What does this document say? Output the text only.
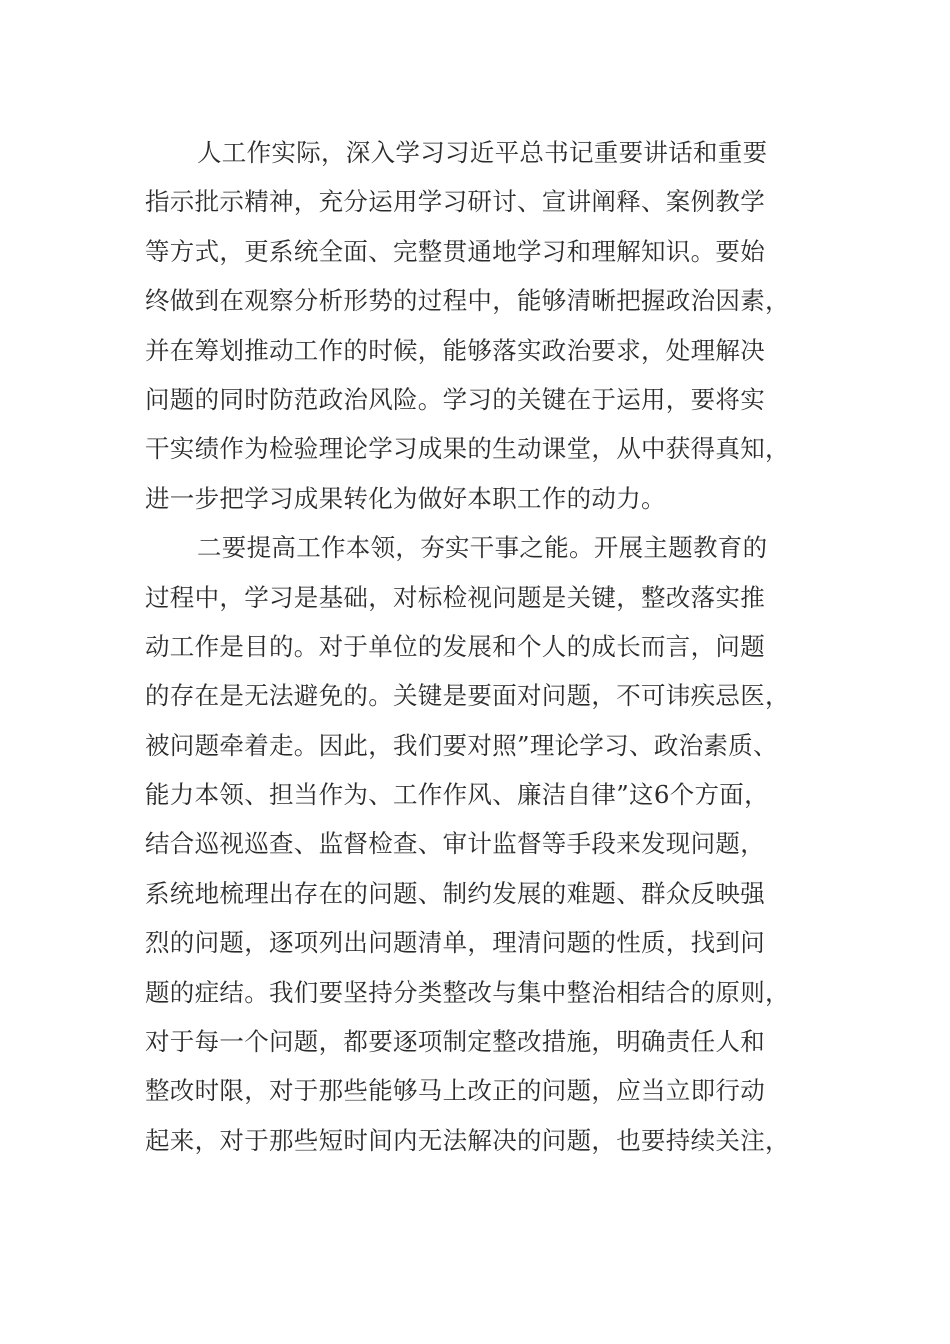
人工作实际，深入学习习近平总书记重要讲话和重要
指示批示精神，充分运用学习研讨、宣讲阐释、案例教学
等方式，更系统全面、完整贯通地学习和理解知识。要始
终做到在观察分析形势的过程中，能够清晰把握政治因素，
并在筹划推动工作的时候，能够落实政治要求，处理解决
问题的同时防范政治风险。学习的关键在于运用，要将实
干实绩作为检验理论学习成果的生动课堂，从中获得真知，
进一步把学习成果转化为做好本职工作的动力。
二要提高工作本领，夯实干事之能。开展主题教育的
过程中，学习是基础，对标检视问题是关键，整改落实推
动工作是目的。对于单位的发展和个人的成长而言，问题
的存在是无法避免的。关键是要面对问题，不可讳疾忌医，
被问题牵着走。因此，我们要对照”理论学习、政治素质、
能力本领、担当作为、工作作风、廉洁自律”这6个方面，
结合巡视巡查、监督检查、审计监督等手段来发现问题，
系统地梳理出存在的问题、制约发展的难题、群众反映强
烈的问题，逐项列出问题清单，理清问题的性质，找到问
题的症结。我们要坚持分类整改与集中整治相结合的原则，
对于每一个问题，都要逐项制定整改措施，明确责任人和
整改时限，对于那些能够马上改正的问题，应当立即行动
起来，对于那些短时间内无法解决的问题，也要持续关注，
